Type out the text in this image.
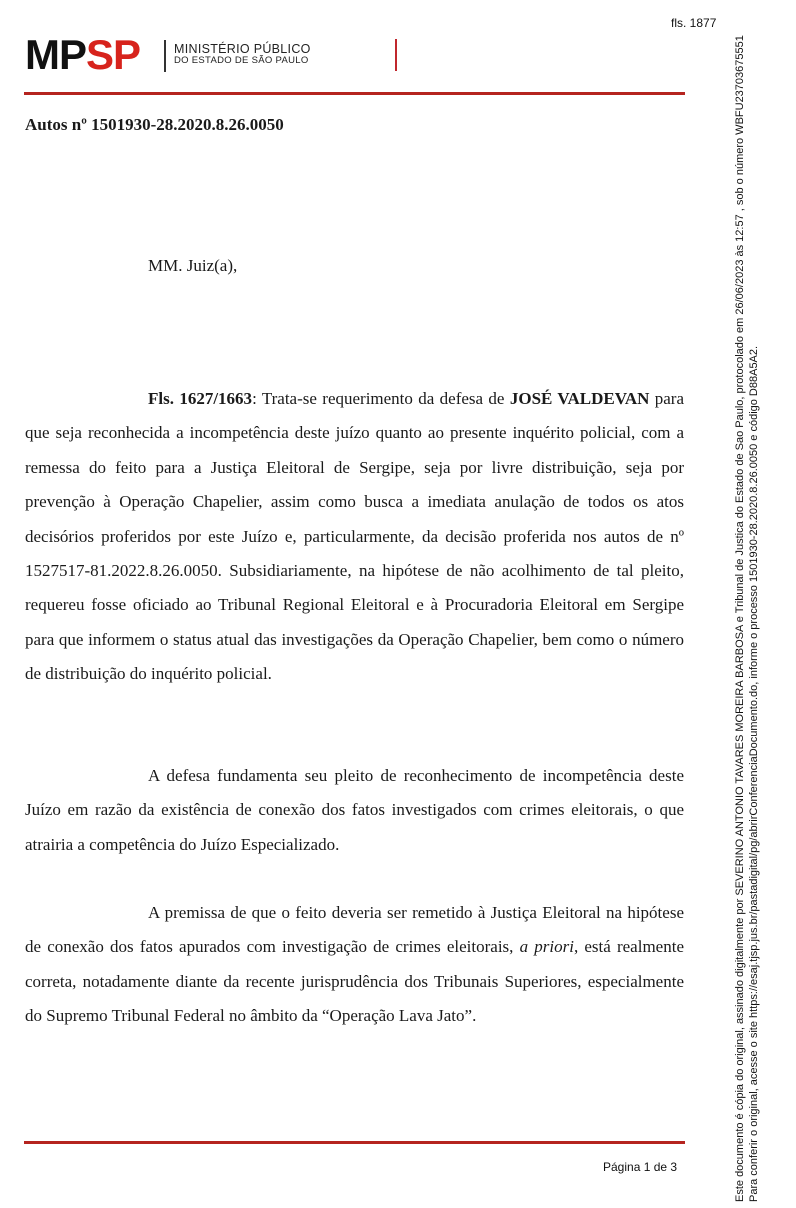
fls. 1877
MPSP	MINISTÉRIO PÚBLICO
DO ESTADO DE SÃO PAULO
Autos nº 1501930-28.2020.8.26.0050
MM. Juiz(a),

Fls. 1627/1663: Trata-se requerimento da defesa de JOSÉ VALDEVAN para que seja reconhecida a incompetência deste juízo quanto ao presente inquérito policial, com a remessa do feito para a Justiça Eleitoral de Sergipe, seja por livre distribuição, seja por prevenção à Operação Chapelier, assim como busca a imediata anulação de todos os atos decisórios proferidos por este Juízo e, particularmente, da decisão proferida nos autos de nº 1527517-81.2022.8.26.0050. Subsidiariamente, na hipótese de não acolhimento de tal pleito, requereu fosse oficiado ao Tribunal Regional Eleitoral e à Procuradoria Eleitoral em Sergipe para que informem o status atual das investigações da Operação Chapelier, bem como o número de distribuição do inquérito policial.

A defesa fundamenta seu pleito de reconhecimento de incompetência deste Juízo em razão da existência de conexão dos fatos investigados com crimes eleitorais, o que atrairia a competência do Juízo Especializado.

A premissa de que o feito deveria ser remetido à Justiça Eleitoral na hipótese de conexão dos fatos apurados com investigação de crimes eleitorais, a priori, está realmente correta, notadamente diante da recente jurisprudência dos Tribunais Superiores, especialmente do Supremo Tribunal Federal no âmbito da “Operação Lava Jato”.

Página 1 de 3	Este documento é cópia do original, assinado digitalmente por SEVERINO ANTONIO TAVARES MOREIRA BARBOSA e Tribunal de Justica do Estado de Sao Paulo, protocolado em 26/06/2023 às 12:57 , sob o número WBFU23703675551 Para conferir o original, acesse o site https://esaj.tjsp.jus.br/pastadigital/pg/abrirConferenciaDocumento.do, informe o processo 1501930-28.2020.8.26.0050 e código D88A5A2.
